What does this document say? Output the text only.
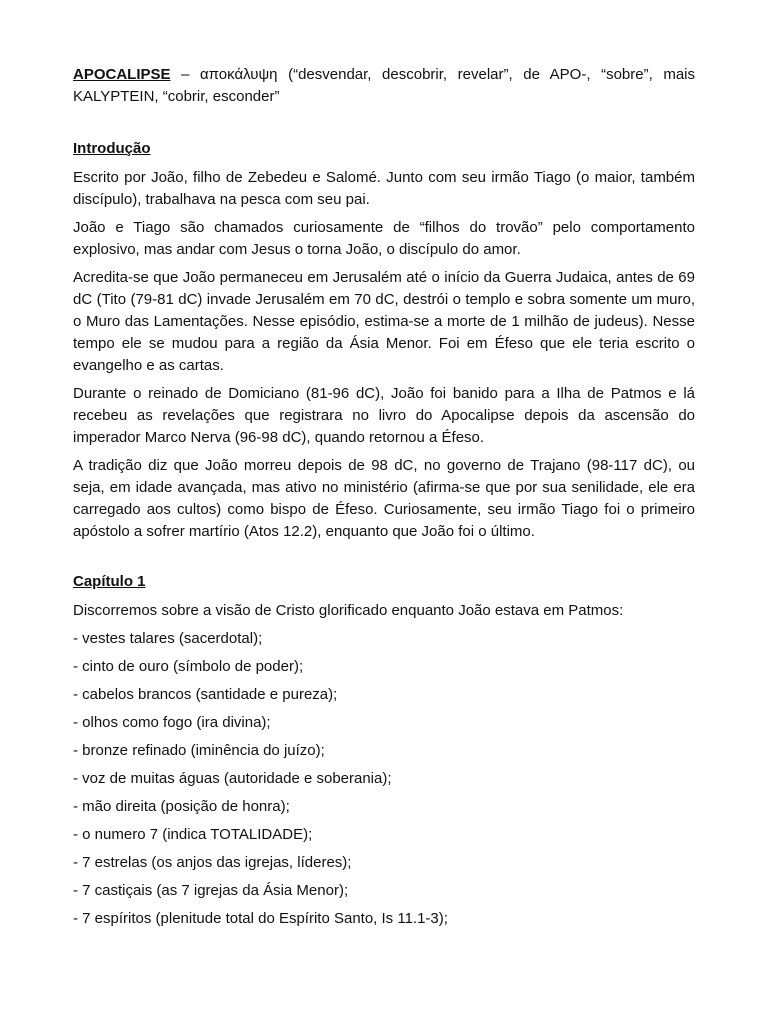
APOCALIPSE – αποκάλυψη (“desvendar, descobrir, revelar”, de APO-, “sobre”, mais KALYPTEIN, “cobrir, esconder”

Introdução

Escrito por João, filho de Zebedeu e Salomé. Junto com seu irmão Tiago (o maior, também discípulo), trabalhava na pesca com seu pai.

João e Tiago são chamados curiosamente de “filhos do trovão” pelo comportamento explosivo, mas andar com Jesus o torna João, o discípulo do amor.

Acredita-se que João permaneceu em Jerusalém até o início da Guerra Judaica, antes de 69 dC (Tito (79-81 dC) invade Jerusalém em 70 dC, destrói o templo e sobra somente um muro, o Muro das Lamentações. Nesse episódio, estima-se a morte de 1 milhão de judeus). Nesse tempo ele se mudou para a região da Ásia Menor. Foi em Éfeso que ele teria escrito o evangelho e as cartas.

Durante o reinado de Domiciano (81-96 dC), João foi banido para a Ilha de Patmos e lá recebeu as revelações que registrara no livro do Apocalipse depois da ascensão do imperador Marco Nerva (96-98 dC), quando retornou a Éfeso.

A tradição diz que João morreu depois de 98 dC, no governo de Trajano (98-117 dC), ou seja, em idade avançada, mas ativo no ministério (afirma-se que por sua senilidade, ele era carregado aos cultos) como bispo de Éfeso. Curiosamente, seu irmão Tiago foi o primeiro apóstolo a sofrer martírio (Atos 12.2), enquanto que João foi o último.

Capítulo 1

Discorremos sobre a visão de Cristo glorificado enquanto João estava em Patmos:

- vestes talares (sacerdotal);

- cinto de ouro (símbolo de poder);

- cabelos brancos (santidade e pureza);

- olhos como fogo (ira divina);

- bronze refinado (iminência do juízo);

- voz de muitas águas (autoridade e soberania);

- mão direita (posição de honra);

- o numero 7 (indica TOTALIDADE);

- 7 estrelas (os anjos das igrejas, líderes);

- 7 castiçais (as 7 igrejas da Ásia Menor);

- 7 espíritos (plenitude total do Espírito Santo, Is 11.1-3);
